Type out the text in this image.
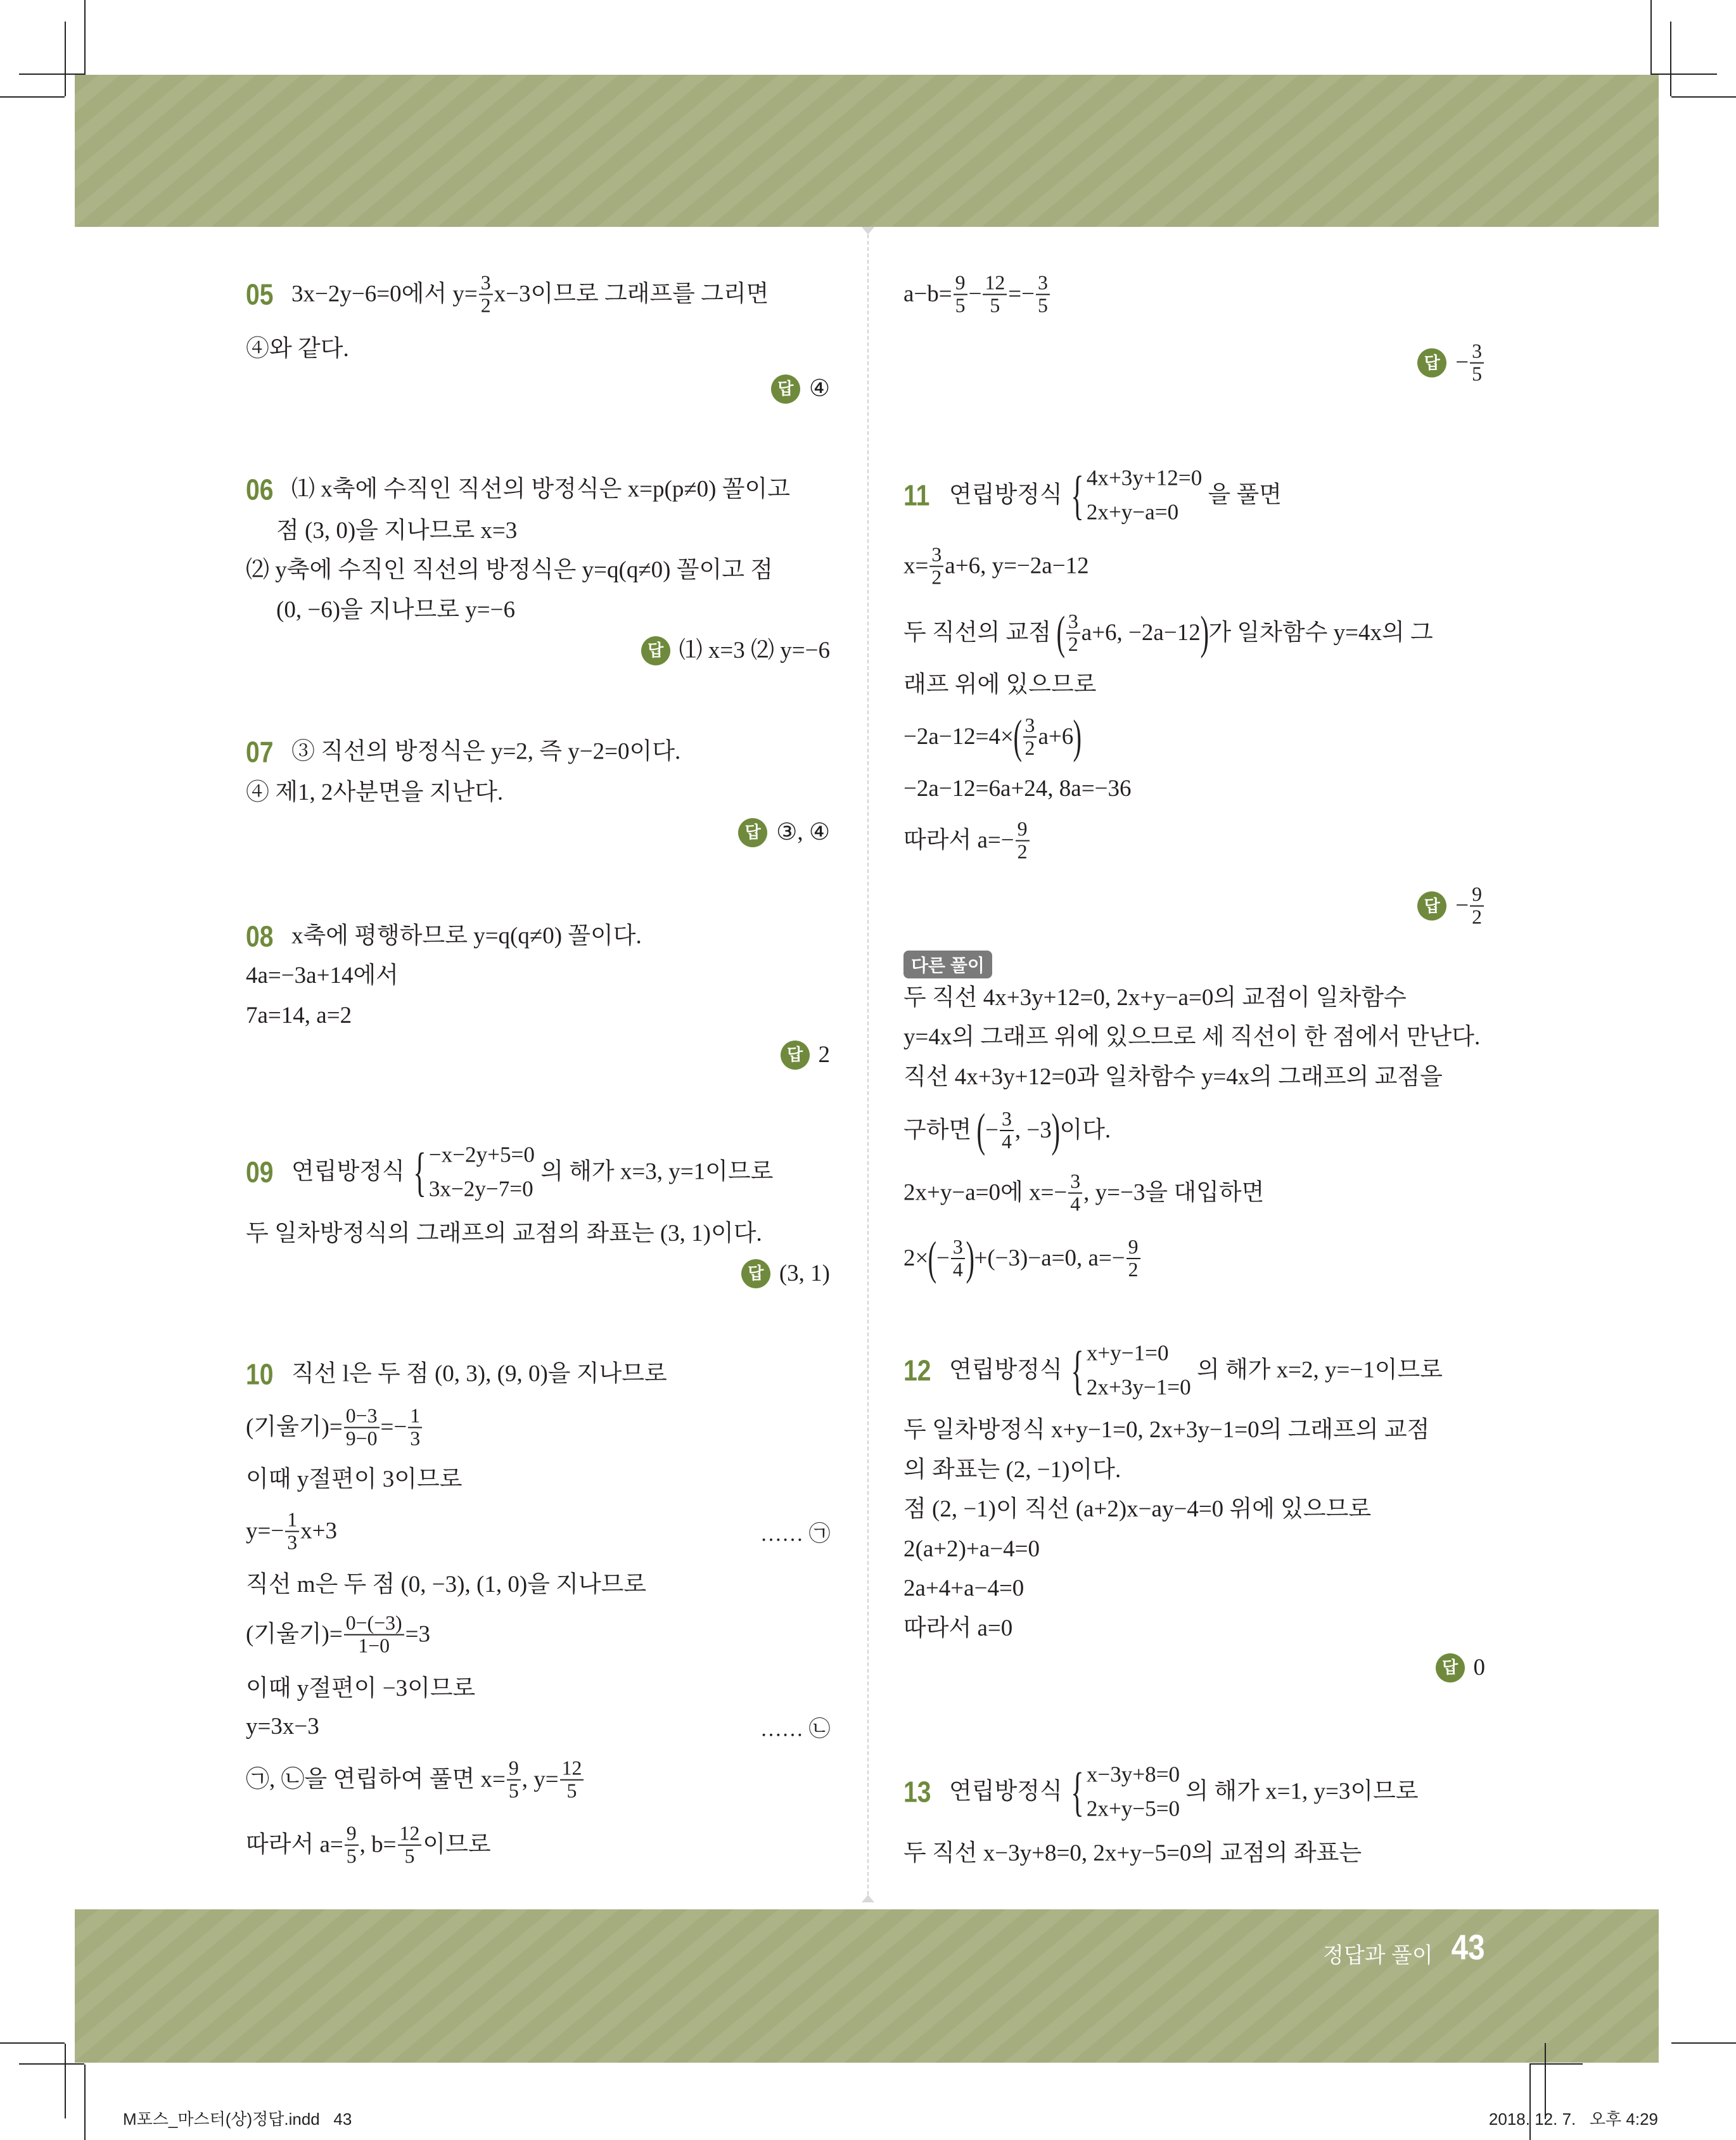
05 3x−2y−6=0에서 $y= \frac{3}{2} x-3$이므로 그래프를 그리면
④와 같다.
답 ④
06 ⑴ x축에 수직인 직선의 방정식은 x=p(p≠0) 꼴이고
점 (3, 0)을 지나므로 x=3
⑵ y축에 수직인 직선의 방정식은 y=q(q≠0) 꼴이고 점
(0, −6)을 지나므로 y=−6
답 ⑴ x=3 ⑵ y=−6
07 ③ 직선의 방정식은 y=2, 즉 y−2=0이다.
④ 제1, 2사분면을 지난다.
답 ③, ④
08 x축에 평행하므로 y=q(q≠0) 꼴이다.
4a=−3a+14에서
7a=14, a=2
답 2
09 연립방정식 { −x−2y+5=0
3x−2y−7=0
의 해가 x=3, y=1이므로
두 일차방정식의 그래프의 교점의 좌표는 (3, 1)이다.
답 (3, 1)
10 직선 l은 두 점 (0, 3), (9, 0)을 지나므로
(기울기)= $\frac{0-3}{9-0} =- \frac{1}{3}$
이때 y절편이 3이므로
$y=- \frac{1}{3} x+3$	…… ㉠
직선 m은 두 점 (0, −3), (1, 0)을 지나므로
(기울기)= $\frac{0-(-3)}{1-0} =3$
이때 y절편이 −3이므로
y=3x−3	…… ㉡
㉠, ㉡을 연립하여 풀면 $x= \frac{9}{5}$ , $y= \frac{12}{5}$
따라서 $a= \frac{9}{5}$ , $b= \frac{12}{5}$ 이므로
$a-b= \frac{9}{5} - \frac{12}{5} =- \frac{3}{5}$
답 − $\frac{3}{5}$
11 연립방정식 { 4x+3y+12=0
2x+y−a=0
을 풀면
$x= \frac{3}{2} a+6$, y=−2a−12
두 직선의 교점 ( $\frac{3}{2} a+6$, −2a−12 ) 가 일차함수 y=4x의 그
래프 위에 있으므로
−2a−12=4× ( $\frac{3}{2} a+6$ )
−2a−12=6a+24, 8a=−36
따라서 $a=- \frac{9}{2}$
답 − $\frac{9}{2}$
다른 풀이
두 직선 4x+3y+12=0, 2x+y−a=0의 교점이 일차함수
y=4x의 그래프 위에 있으므로 세 직선이 한 점에서 만난다.
직선 4x+3y+12=0과 일차함수 y=4x의 그래프의 교점을
구하면 ( − $\frac{3}{4}$ , −3 ) 이다.
2x+y−a=0에 $x=- \frac{3}{4}$ , y=−3을 대입하면
2× ( − $\frac{3}{4}$ ) +(−3)−a=0, $a=- \frac{9}{2}$
12 연립방정식 { x+y−1=0
2x+3y−1=0
의 해가 x=2, y=−1이므로
두 일차방정식 x+y−1=0, 2x+3y−1=0의 그래프의 교점
의 좌표는 (2, −1)이다.
점 (2, −1)이 직선 (a+2)x−ay−4=0 위에 있으므로
2(a+2)+a−4=0
2a+4+a−4=0
따라서 a=0
답 0
13 연립방정식 { x−3y+8=0
2x+y−5=0
의 해가 x=1, y=3이므로
두 직선 x−3y+8=0, 2x+y−5=0의 교점의 좌표는
정답과 풀이 43
M포스_마스터(상)정답.indd   43	2018. 12. 7.   오후 4:29
